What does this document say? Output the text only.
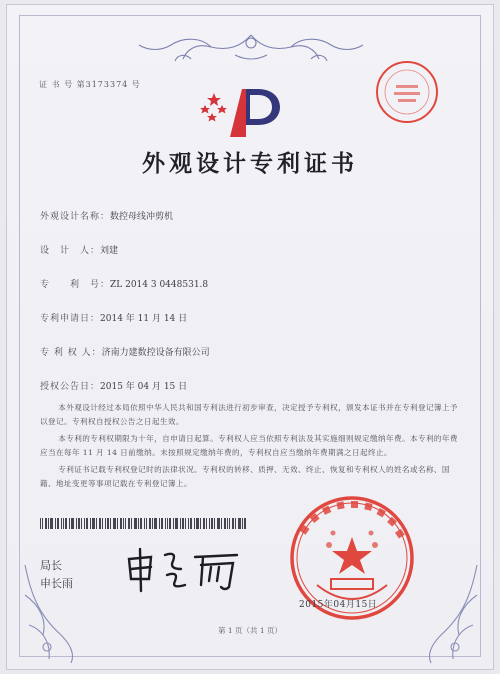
证 书 号 第3173374 号
外观设计专利证书
外观设计名称：数控母线冲剪机
设　计　人：刘建
专　　利　号：ZL 2014 3 0448531.8
专利申请日：2014 年 11 月 14 日
专 利 权 人：济南力建数控设备有限公司
授权公告日：2015 年 04 月 15 日

本外观设计经过本局依照中华人民共和国专利法进行初步审查，决定授予专利权，颁发本证书并在专利登记簿上予以登记。专利权自授权公告之日起生效。

本专利的专利权期限为十年，自申请日起算。专利权人应当依照专利法及其实施细则规定缴纳年费。本专利的年费应当在每年 11 月 14 日前缴纳。未按照规定缴纳年费的，专利权自应当缴纳年费期满之日起终止。

专利证书记载专利权登记时的法律状况。专利权的转移、质押、无效、终止、恢复和专利权人的姓名或名称、国籍、地址变更等事项记载在专利登记簿上。

局长
申长雨
2015年04月15日
第 1 页（共 1 页）
